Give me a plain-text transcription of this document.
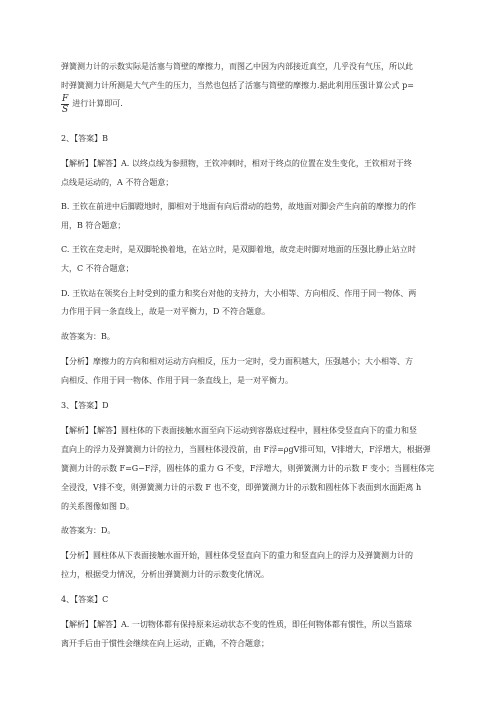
弹簧测力计的示数实际是活塞与筒壁的摩擦力，而图乙中因为内部接近真空，几乎没有气压，所以此

时弹簧测力计所测是大气产生的压力，当然也包括了活塞与筒壁的摩擦力.据此利用压强计算公式 p=

$\frac{F}{S}$ 进行计算即可.

2、【答案】B

【解析】【解答】A. 以终点线为参照物，王钦冲刺时，相对于终点的位置在发生变化，王钦相对于终

点线是运动的，A 不符合题意；

B. 王钦在前进中后脚蹬地时，脚相对于地面有向后滑动的趋势，故地面对脚会产生向前的摩擦力的作

用，B 符合题意；

C. 王钦在竞走时，是双脚轮换着地，在站立时，是双脚着地，故竞走时脚对地面的压强比静止站立时

大，C 不符合题意；

D. 王钦站在领奖台上时受到的重力和奖台对他的支持力，大小相等、方向相反、作用于同一物体、两

力作用于同一条直线上，故是一对平衡力，D 不符合题意。

故答案为：B。

【分析】摩擦力的方向和相对运动方向相反，压力一定时，受力面积越大，压强越小；大小相等、方

向相反、作用于同一物体、作用于同一条直线上，是一对平衡力。

3、【答案】D

【解析】【解答】圆柱体的下表面接触水面至向下运动到容器底过程中，圆柱体受竖直向下的重力和竖

直向上的浮力及弹簧测力计的拉力，当圆柱体浸没前，由 F浮=ρgV排可知，V排增大，F浮增大，根据弹

簧测力计的示数 F=G−F浮，圆柱体的重力 G 不变，F浮增大，则弹簧测力计的示数 F 变小；当圆柱体完

全浸没，V排不变，则弹簧测力计的示数 F 也不变，即弹簧测力计的示数和圆柱体下表面到水面距离 h

的关系图像如图 D。

故答案为：D。

【分析】圆柱体从下表面接触水面开始，圆柱体受竖直向下的重力和竖直向上的浮力及弹簧测力计的

拉力，根据受力情况，分析出弹簧测力计的示数变化情况。

4、【答案】C

【解析】【解答】A. 一切物体都有保持原来运动状态不变的性质，即任何物体都有惯性，所以当篮球

离开手后由于惯性会继续在向上运动，正确，不符合题意；
